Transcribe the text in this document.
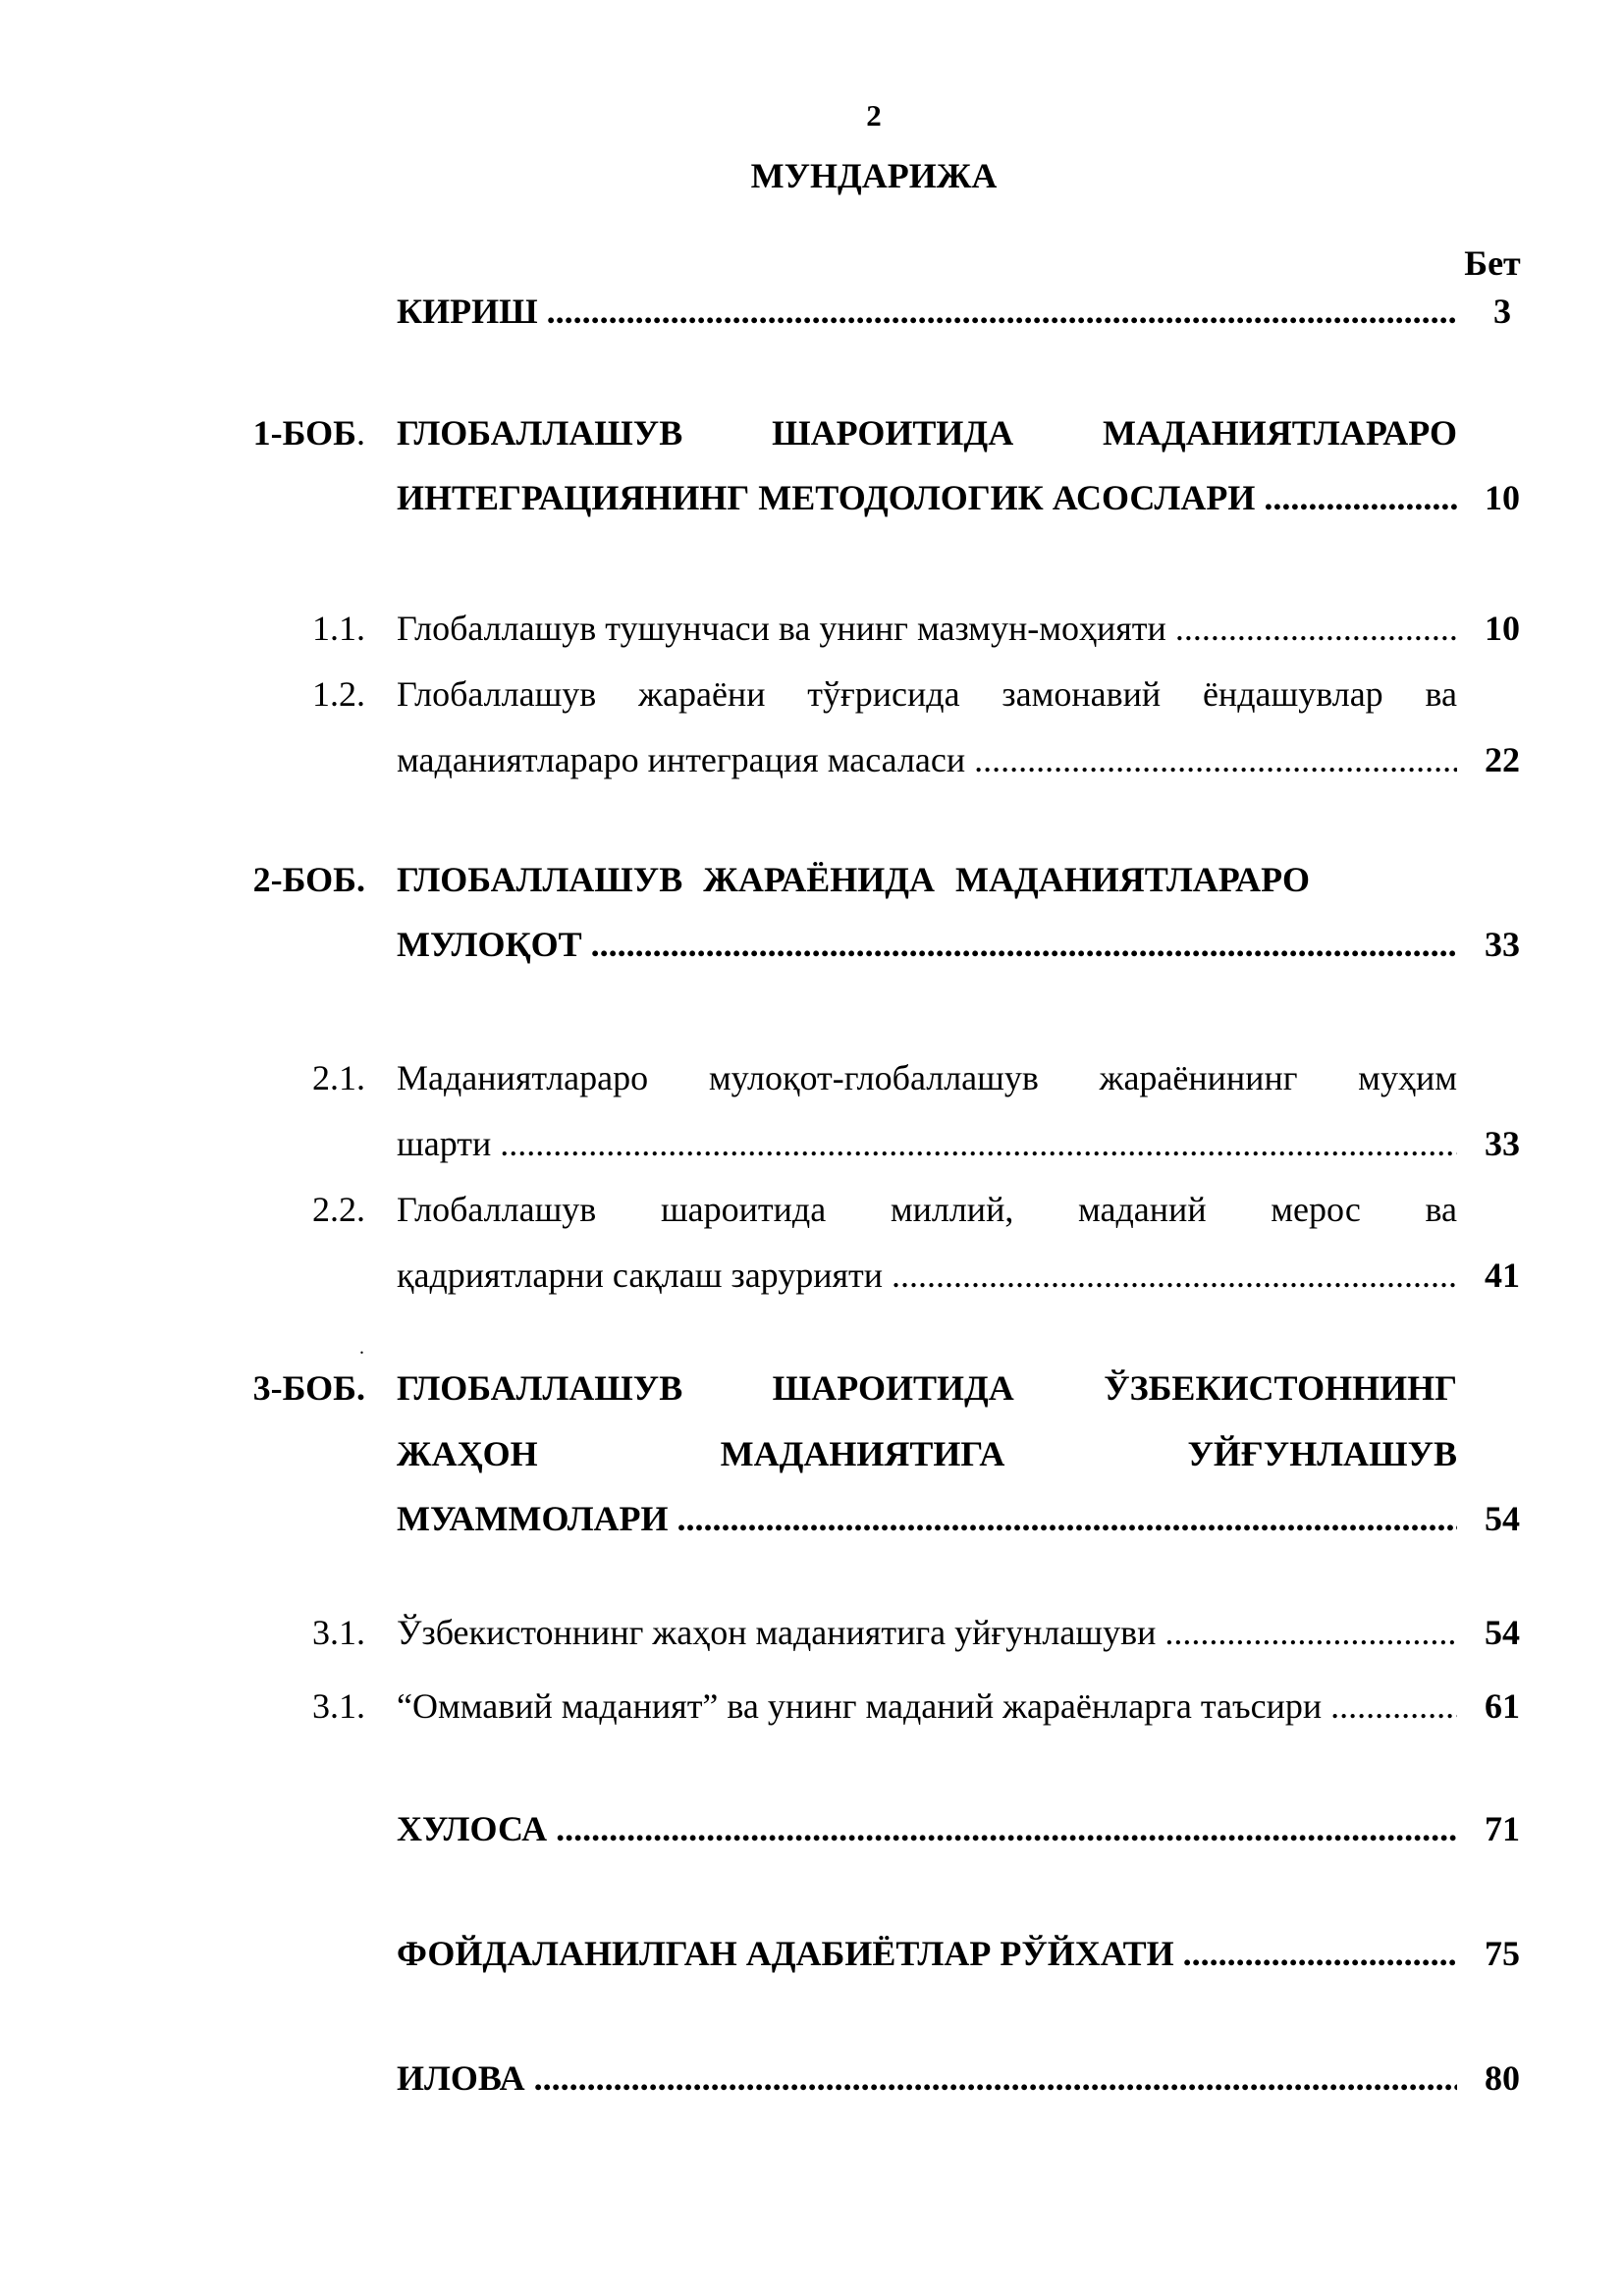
2
МУНДАРИЖА
Бет
КИРИШ .....	3
1-БОБ. ГЛОБАЛЛАШУВ ШАРОИТИДА МАДАНИЯТЛАРАРО
ИНТЕГРАЦИЯНИНГ МЕТОДОЛОГИК АСОСЛАРИ .....	10
1.1. Глобаллашув тушунчаси ва унинг мазмун-моҳияти .....	10
1.2. Глобаллашув жараёни тўғрисида замонавий ёндашувлар ва
маданиятлараро интеграция масаласи .....	22
2-БОБ. ГЛОБАЛЛАШУВ ЖАРАЁНИДА МАДАНИЯТЛАРАРО
МУЛОҚОТ .....	33
2.1. Маданиятлараро мулоқот-глобаллашув жараёнининг муҳим
шарти .....	33
2.2. Глобаллашув шароитида миллий, маданий мерос ва
қадриятларни сақлаш зарурияти .....	41
.
3-БОБ. ГЛОБАЛЛАШУВ ШАРОИТИДА ЎЗБЕКИСТОННИНГ
ЖАҲОН МАДАНИЯТИГА УЙҒУНЛАШУВ
МУАММОЛАРИ .....	54
3.1. Ўзбекистоннинг жаҳон маданиятига уйғунлашуви .....	54
3.1. “Оммавий маданият” ва унинг маданий жараёнларга таъсири .....	61
ХУЛОСА .....	71
ФОЙДАЛАНИЛГАН АДАБИЁТЛАР РЎЙХАТИ .....	75
ИЛОВА .....	80
